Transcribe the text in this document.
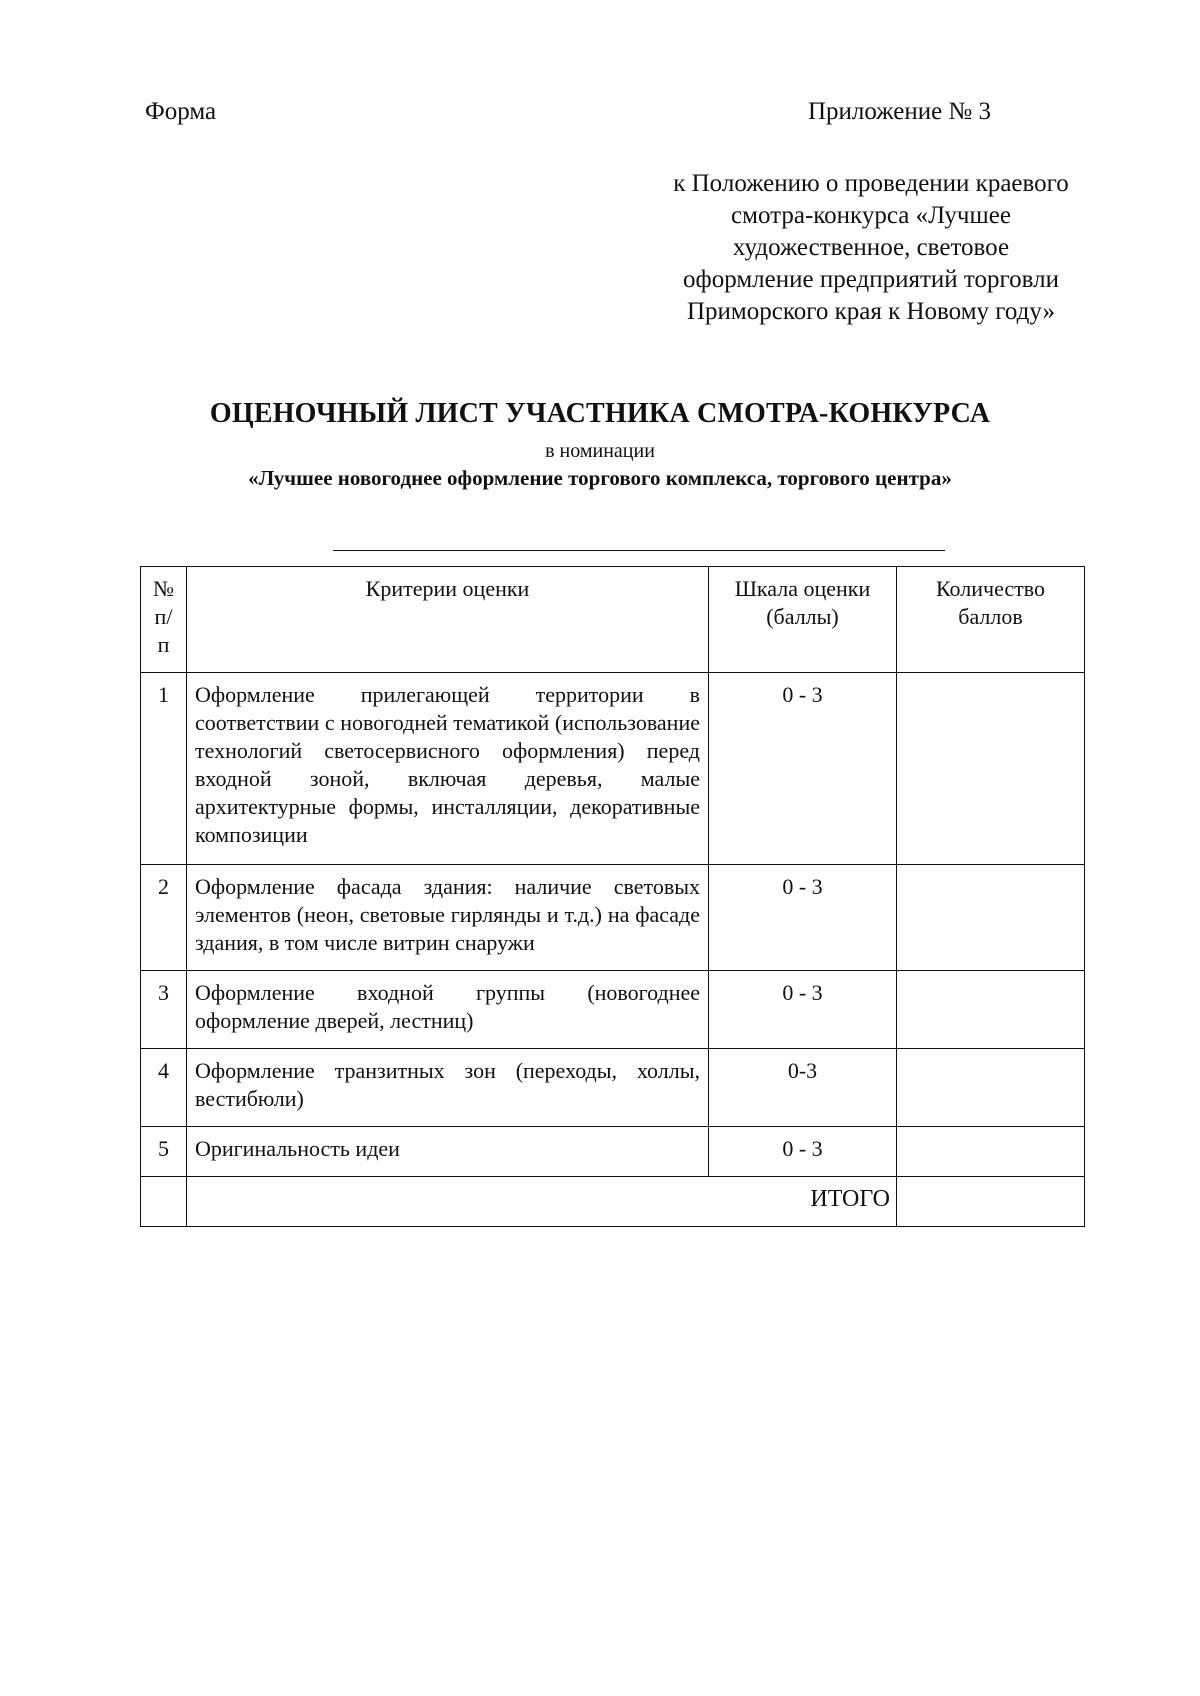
Форма	Приложение № 3
к Положению о проведении краевого
смотра-конкурса «Лучшее
художественное, световое
оформление предприятий торговли
Приморского края к Новому году»
ОЦЕНОЧНЫЙ ЛИСТ УЧАСТНИКА СМОТРА-КОНКУРСА
в номинации
«Лучшее новогоднее оформление торгового комплекса, торгового центра»
№ п/ п	Критерии оценки	Шкала оценки (баллы)	Количество баллов
1	Оформление прилегающей территории в соответствии с новогодней тематикой (использование технологий светосервисного оформления) перед входной зоной, включая деревья, малые архитектурные формы, инсталляции, декоративные композиции	0 - 3	
2	Оформление фасада здания: наличие световых элементов (неон, световые гирлянды и т.д.) на фасаде здания, в том числе витрин снаружи	0 - 3	
3	Оформление входной группы (новогоднее оформление дверей, лестниц)	0 - 3	
4	Оформление транзитных зон (переходы, холлы, вестибюли)	0-3	
5	Оригинальность идеи	0 - 3	
	ИТОГО		
